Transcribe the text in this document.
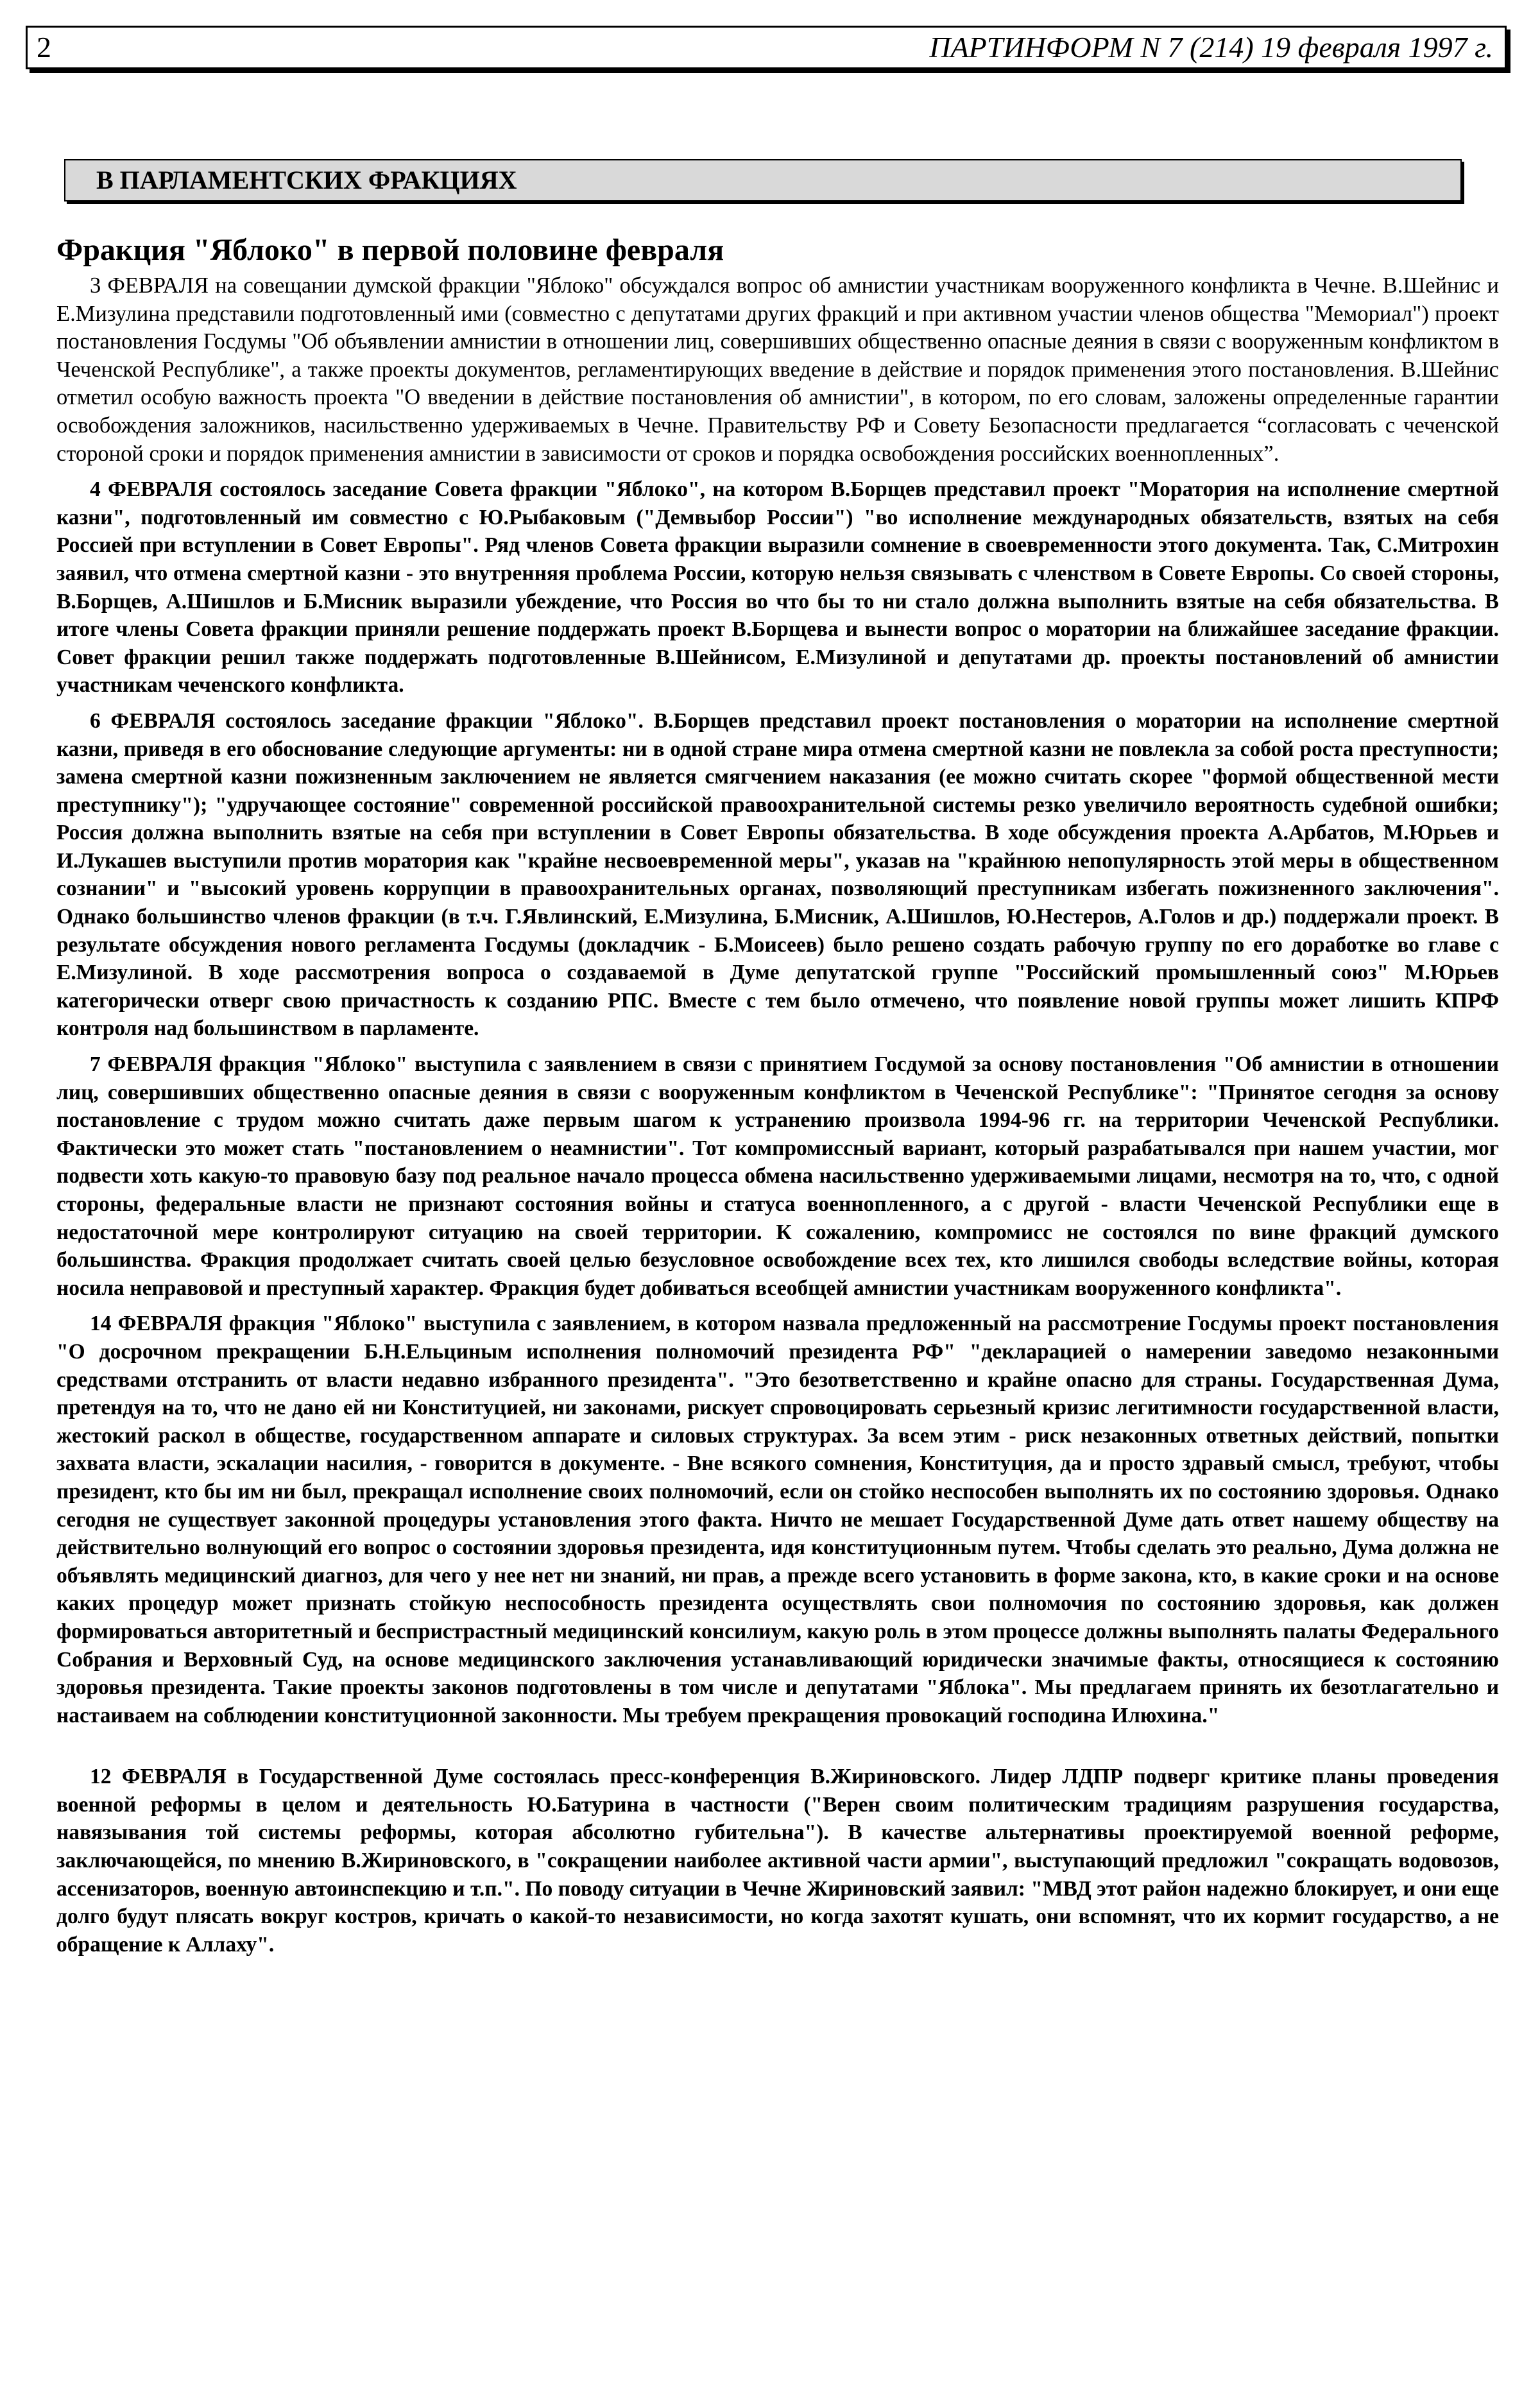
2	ПАРТИНФОРМ N 7 (214) 19 февраля 1997 г.
В ПАРЛАМЕНТСКИХ ФРАКЦИЯХ
Фракция "Яблоко" в первой половине февраля

3 ФЕВРАЛЯ на совещании думской фракции "Яблоко" обсуждался вопрос об амнистии участникам вооруженного конфликта в Чечне. В.Шейнис и Е.Мизулина представили подготовленный ими (совместно с депутатами других фракций и при активном участии членов общества "Мемориал") проект постановления Госдумы "Об объявлении амнистии в отношении лиц, совершивших общественно опасные деяния в связи с вооруженным конфликтом в Чеченской Республике", а также проекты документов, регламентирующих введение в действие и порядок применения этого постановления. В.Шейнис отметил особую важность проекта "О введении в действие постановления об амнистии", в котором, по его словам, заложены определенные гарантии освобождения заложников, насильственно удерживаемых в Чечне. Правительству РФ и Совету Безопасности предлагается “согласовать с чеченской стороной сроки и порядок применения амнистии в зависимости от сроков и порядка освобождения российских военнопленных”.

4 ФЕВРАЛЯ состоялось заседание Совета фракции "Яблоко", на котором В.Борщев представил проект "Моратория на исполнение смертной казни", подготовленный им совместно с Ю.Рыбаковым ("Демвыбор России") "во исполнение международных обязательств, взятых на себя Россией при вступлении в Совет Европы". Ряд членов Совета фракции выразили сомнение в своевременности этого документа. Так, С.Митрохин заявил, что отмена смертной казни - это внутренняя проблема России, которую нельзя связывать с членством в Совете Европы. Со своей стороны, В.Борщев, А.Шишлов и Б.Мисник выразили убеждение, что Россия во что бы то ни стало должна выполнить взятые на себя обязательства. В итоге члены Совета фракции приняли решение поддержать проект В.Борщева и вынести вопрос о моратории на ближайшее заседание фракции. Совет фракции решил также поддержать подготовленные В.Шейнисом, Е.Мизулиной и депутатами др. проекты постановлений об амнистии участникам чеченского конфликта.

6 ФЕВРАЛЯ состоялось заседание фракции "Яблоко". В.Борщев представил проект постановления о моратории на исполнение смертной казни, приведя в его обоснование следующие аргументы: ни в одной стране мира отмена смертной казни не повлекла за собой роста преступности; замена смертной казни пожизненным заключением не является смягчением наказания (ее можно считать скорее "формой общественной мести преступнику"); "удручающее состояние" современной российской правоохранительной системы резко увеличило вероятность судебной ошибки; Россия должна выполнить взятые на себя при вступлении в Совет Европы обязательства. В ходе обсуждения проекта А.Арбатов, М.Юрьев и И.Лукашев выступили против моратория как "крайне несвоевременной меры", указав на "крайнюю непопулярность этой меры в общественном сознании" и "высокий уровень коррупции в правоохранительных органах, позволяющий преступникам избегать пожизненного заключения". Однако большинство членов фракции (в т.ч. Г.Явлинский, Е.Мизулина, Б.Мисник, А.Шишлов, Ю.Нестеров, А.Голов и др.) поддержали проект. В результате обсуждения нового регламента Госдумы (докладчик - Б.Моисеев) было решено создать рабочую группу по его доработке во главе с Е.Мизулиной. В ходе рассмотрения вопроса о создаваемой в Думе депутатской группе "Российский промышленный союз" М.Юрьев категорически отверг свою причастность к созданию РПС. Вместе с тем было отмечено, что появление новой группы может лишить КПРФ контроля над большинством в парламенте.

7 ФЕВРАЛЯ фракция "Яблоко" выступила с заявлением в связи с принятием Госдумой за основу постановления "Об амнистии в отношении лиц, совершивших общественно опасные деяния в связи с вооруженным конфликтом в Чеченской Республике": "Принятое сегодня за основу постановление с трудом можно считать даже первым шагом к устранению произвола 1994-96 гг. на территории Чеченской Республики. Фактически это может стать "постановлением о неамнистии". Тот компромиссный вариант, который разрабатывался при нашем участии, мог подвести хоть какую-то правовую базу под реальное начало процесса обмена насильственно удерживаемыми лицами, несмотря на то, что, с одной стороны, федеральные власти не признают состояния войны и статуса военнопленного, а с другой - власти Чеченской Республики еще в недостаточной мере контролируют ситуацию на своей территории. К сожалению, компромисс не состоялся по вине фракций думского большинства. Фракция продолжает считать своей целью безусловное освобождение всех тех, кто лишился свободы вследствие войны, которая носила неправовой и преступный характер. Фракция будет добиваться всеобщей амнистии участникам вооруженного конфликта".

14 ФЕВРАЛЯ фракция "Яблоко" выступила с заявлением, в котором назвала предложенный на рассмотрение Госдумы проект постановления "О досрочном прекращении Б.Н.Ельциным исполнения полномочий президента РФ" "декларацией о намерении заведомо незаконными средствами отстранить от власти недавно избранного президента". "Это безответственно и крайне опасно для страны. Государственная Дума, претендуя на то, что не дано ей ни Конституцией, ни законами, рискует спровоцировать серьезный кризис легитимности государственной власти, жестокий раскол в обществе, государственном аппарате и силовых структурах. За всем этим - риск незаконных ответных действий, попытки захвата власти, эскалации насилия, - говорится в документе. - Вне всякого сомнения, Конституция, да и просто здравый смысл, требуют, чтобы президент, кто бы им ни был, прекращал исполнение своих полномочий, если он стойко неспособен выполнять их по состоянию здоровья. Однако сегодня не существует законной процедуры установления этого факта. Ничто не мешает Государственной Думе дать ответ нашему обществу на действительно волнующий его вопрос о состоянии здоровья президента, идя конституционным путем. Чтобы сделать это реально, Дума должна не объявлять медицинский диагноз, для чего у нее нет ни знаний, ни прав, а прежде всего установить в форме закона, кто, в какие сроки и на основе каких процедур может признать стойкую неспособность президента осуществлять свои полномочия по состоянию здоровья, как должен формироваться авторитетный и беспристрастный медицинский консилиум, какую роль в этом процессе должны выполнять палаты Федерального Собрания и Верховный Суд, на основе медицинского заключения устанавливающий юридически значимые факты, относящиеся к состоянию здоровья президента. Такие проекты законов подготовлены в том числе и депутатами "Яблока". Мы предлагаем принять их безотлагательно и настаиваем на соблюдении конституционной законности. Мы требуем прекращения провокаций господина Илюхина."

12 ФЕВРАЛЯ в Государственной Думе состоялась пресс-конференция В.Жириновского. Лидер ЛДПР подверг критике планы проведения военной реформы в целом и деятельность Ю.Батурина в частности ("Верен своим политическим традициям разрушения государства, навязывания той системы реформы, которая абсолютно губительна"). В качестве альтернативы проектируемой военной реформе, заключающейся, по мнению В.Жириновского, в "сокращении наиболее активной части армии", выступающий предложил "сокращать водовозов, ассенизаторов, военную автоинспекцию и т.п.". По поводу ситуации в Чечне Жириновский заявил: "МВД этот район надежно блокирует, и они еще долго будут плясать вокруг костров, кричать о какой-то независимости, но когда захотят кушать, они вспомнят, что их кормит государство, а не обращение к Аллаху".
